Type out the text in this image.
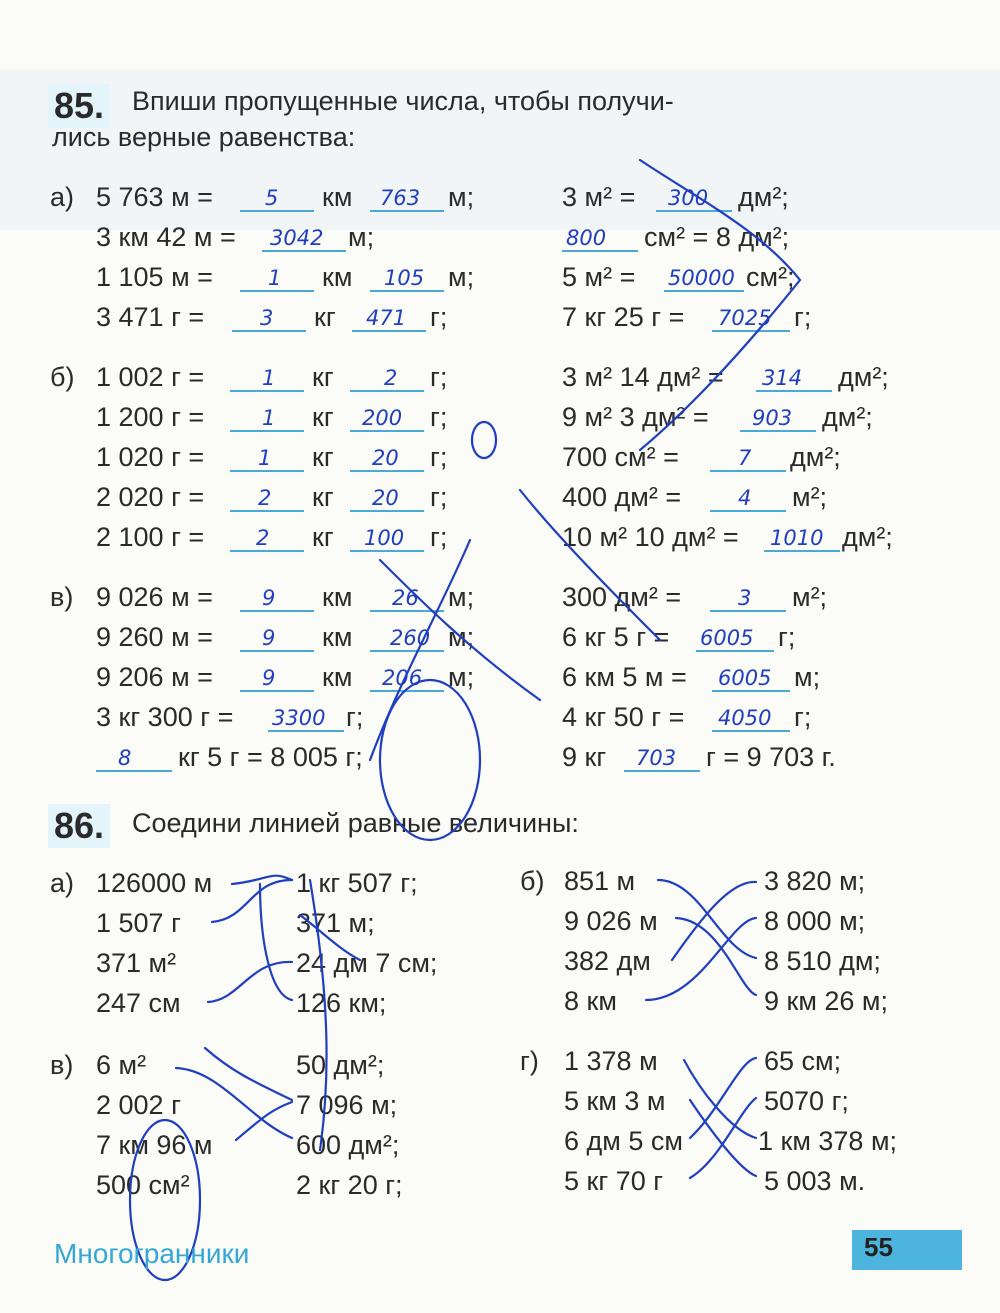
85. Впиши пропущенные числа, чтобы получи-
лись верные равенства:
а)
б)
в)
5 763 м = 5 км 763 м;
3 км 42 м = 3042 м;
1 105 м =	1 км 105 м;
3 471 г =	3 кг 471 г;
1 002 г =	1 кг 2 г;
1 200 г =	1 кг 200 г;
1 020 г =	1 кг 20 г;
2 020 г =	2 кг 20 г;
2 100 г = 2 кг 100 г;
9 026 м = 9 км 26 м;
9 260 м = 9 км 260 м;
9 206 м = 9 км 206 м;
3 кг 300 г = 3300 г;
8 кг 5 г = 8 005 г;
3 м² = 300 дм²;
800 см² = 8 дм²;
5 м² = 50000 см²;
7 кг 25 г = 7025 г;
3 м² 14 дм² = 314 дм²;
9 м² 3 дм² = 903 дм²;
700 см² =	7 дм²;
400 дм² =	4 м²;
10 м² 10 дм² = 1010 дм²;
300 дм² =	3 м²;
6 кг 5 г = 6005 г;
6 км 5 м = 6005 м;
4 кг 50 г = 4050 г;
9 кг 703 г = 9 703 г.
86. Соедини линией равные величины:
а) 126000 м
1 507 г
371 м²
247 см
1 кг 507 г;
371 м;
24 дм 7 см;
126 км;
б) 851 м
9 026 м
382 дм
8 км
3 820 м;
8 000 м;
8 510 дм;
9 км 26 м;
в) 6 м²
2 002 г
7 км 96 м
500 см²
50 дм²;
7 096 м;
600 дм²;
2 кг 20 г;
г) 1 378 м
5 км 3 м
6 дм 5 см
5 кг 70 г
65 см;
5070 г;
1 км 378 м;
5 003 м.
Многогранники	55
